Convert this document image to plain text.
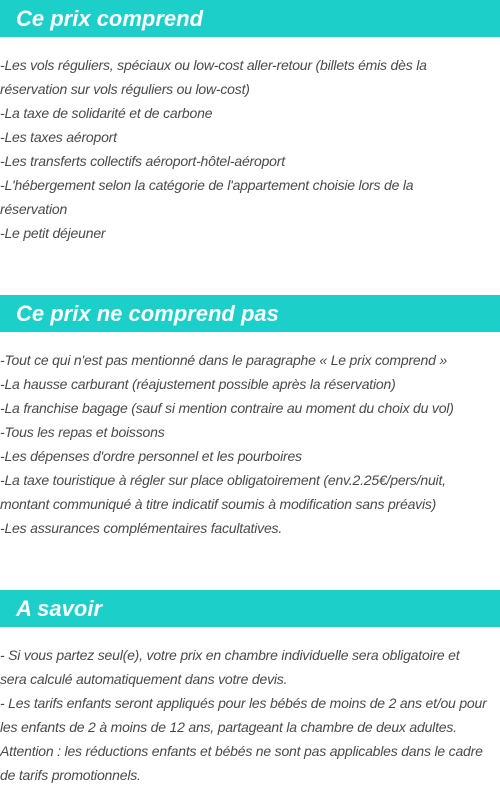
Ce prix comprend
-Les vols réguliers, spéciaux ou low-cost aller-retour (billets émis dès la
réservation sur vols réguliers ou low-cost)
-La taxe de solidarité et de carbone
-Les taxes aéroport
-Les transferts collectifs aéroport-hôtel-aéroport
-L'hébergement selon la catégorie de l'appartement choisie lors de la
réservation
-Le petit déjeuner
Ce prix ne comprend pas
-Tout ce qui n'est pas mentionné dans le paragraphe « Le prix comprend »
-La hausse carburant (réajustement possible après la réservation)
-La franchise bagage (sauf si mention contraire au moment du choix du vol)
-Tous les repas et boissons
-Les dépenses d'ordre personnel et les pourboires
-La taxe touristique à régler sur place obligatoirement (env.2.25€/pers/nuit,
montant communiqué à titre indicatif soumis à modification sans préavis)
-Les assurances complémentaires facultatives.
A savoir
- Si vous partez seul(e), votre prix en chambre individuelle sera obligatoire et
sera calculé automatiquement dans votre devis.
- Les tarifs enfants seront appliqués pour les bébés de moins de 2 ans et/ou pour
les enfants de 2 à moins de 12 ans, partageant la chambre de deux adultes.
Attention : les réductions enfants et bébés ne sont pas applicables dans le cadre
de tarifs promotionnels.
